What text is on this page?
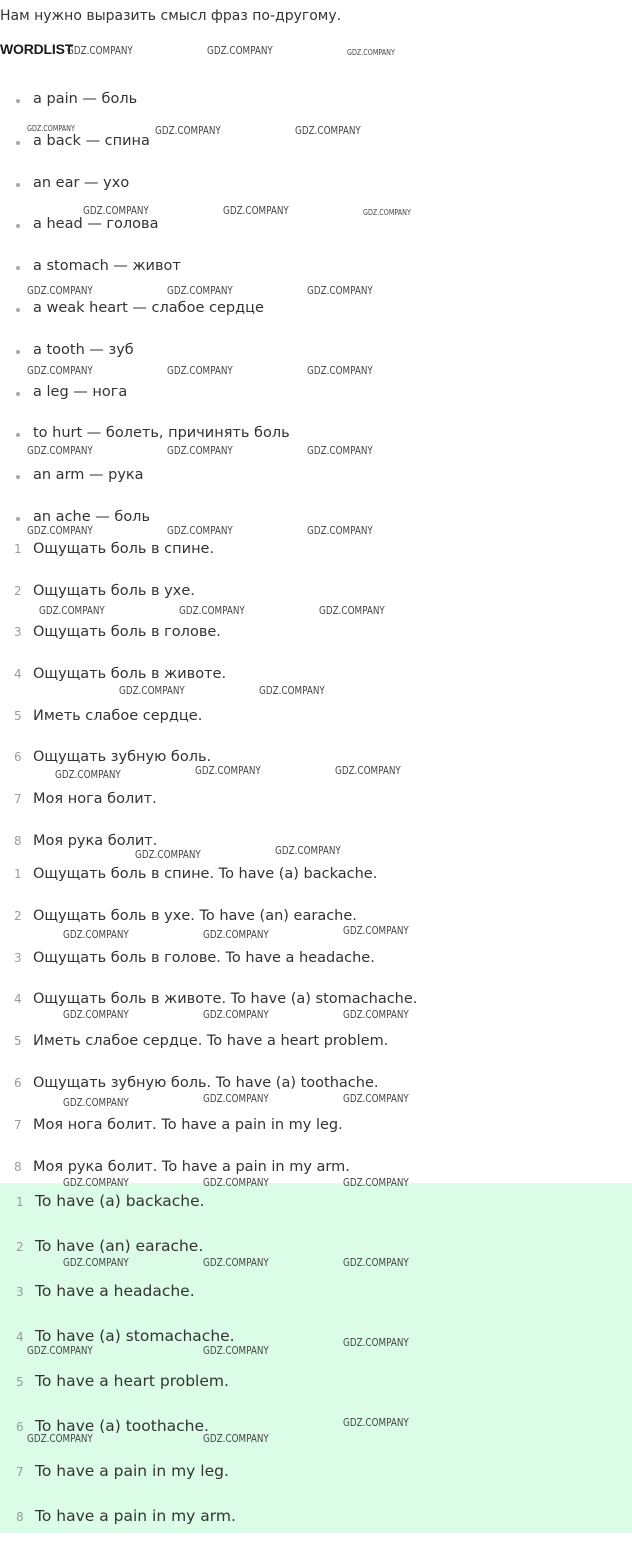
Нам нужно выразить смысл фраз по-другому.
WORDLIST
a pain — боль
a back — спина
an ear — ухо
a head — голова
a stomach — живот
a weak heart — слабое сердце
a tooth — зуб
a leg — нога
to hurt — болеть, причинять боль
an arm — рука
an ache — боль
1 Ощущать боль в спине.
2 Ощущать боль в ухе.
3 Ощущать боль в голове.
4 Ощущать боль в животе.
5 Иметь слабое сердце.
6 Ощущать зубную боль.
7 Моя нога болит.
8 Моя рука болит.
1 Ощущать боль в спине. To have (a) backache.
2 Ощущать боль в ухе. To have (an) earache.
3 Ощущать боль в голове. To have a headache.
4 Ощущать боль в животе. To have (a) stomachache.
5 Иметь слабое сердце. To have a heart problem.
6 Ощущать зубную боль. To have (a) toothache.
7 Моя нога болит. To have a pain in my leg.
8 Моя рука болит. To have a pain in my arm.
1 To have (a) backache.
2 To have (an) earache.
3 To have a headache.
4 To have (a) stomachache.
5 To have a heart problem.
6 To have (a) toothache.
7 To have a pain in my leg.
8 To have a pain in my arm.
GDZ.COMPANY	GDZ.COMPANY	GDZ.COMPANY
GDZ.COMPANY	GDZ.COMPANY	GDZ.COMPANY
GDZ.COMPANY	GDZ.COMPANY	GDZ.COMPANY
GDZ.COMPANY	GDZ.COMPANY	GDZ.COMPANY
GDZ.COMPANY	GDZ.COMPANY	GDZ.COMPANY
GDZ.COMPANY	GDZ.COMPANY	GDZ.COMPANY
GDZ.COMPANY	GDZ.COMPANY	GDZ.COMPANY
GDZ.COMPANY	GDZ.COMPANY	GDZ.COMPANY
GDZ.COMPANY	GDZ.COMPANY
GDZ.COMPANY	GDZ.COMPANY	GDZ.COMPANY
GDZ.COMPANY	GDZ.COMPANY
GDZ.COMPANY	GDZ.COMPANY	GDZ.COMPANY
GDZ.COMPANY	GDZ.COMPANY	GDZ.COMPANY
GDZ.COMPANY	GDZ.COMPANY	GDZ.COMPANY
GDZ.COMPANY	GDZ.COMPANY	GDZ.COMPANY
GDZ.COMPANY	GDZ.COMPANY	GDZ.COMPANY
GDZ.COMPANY	GDZ.COMPANY
GDZ.COMPANY
GDZ.COMPANY	GDZ.COMPANY
GDZ.COMPANY
